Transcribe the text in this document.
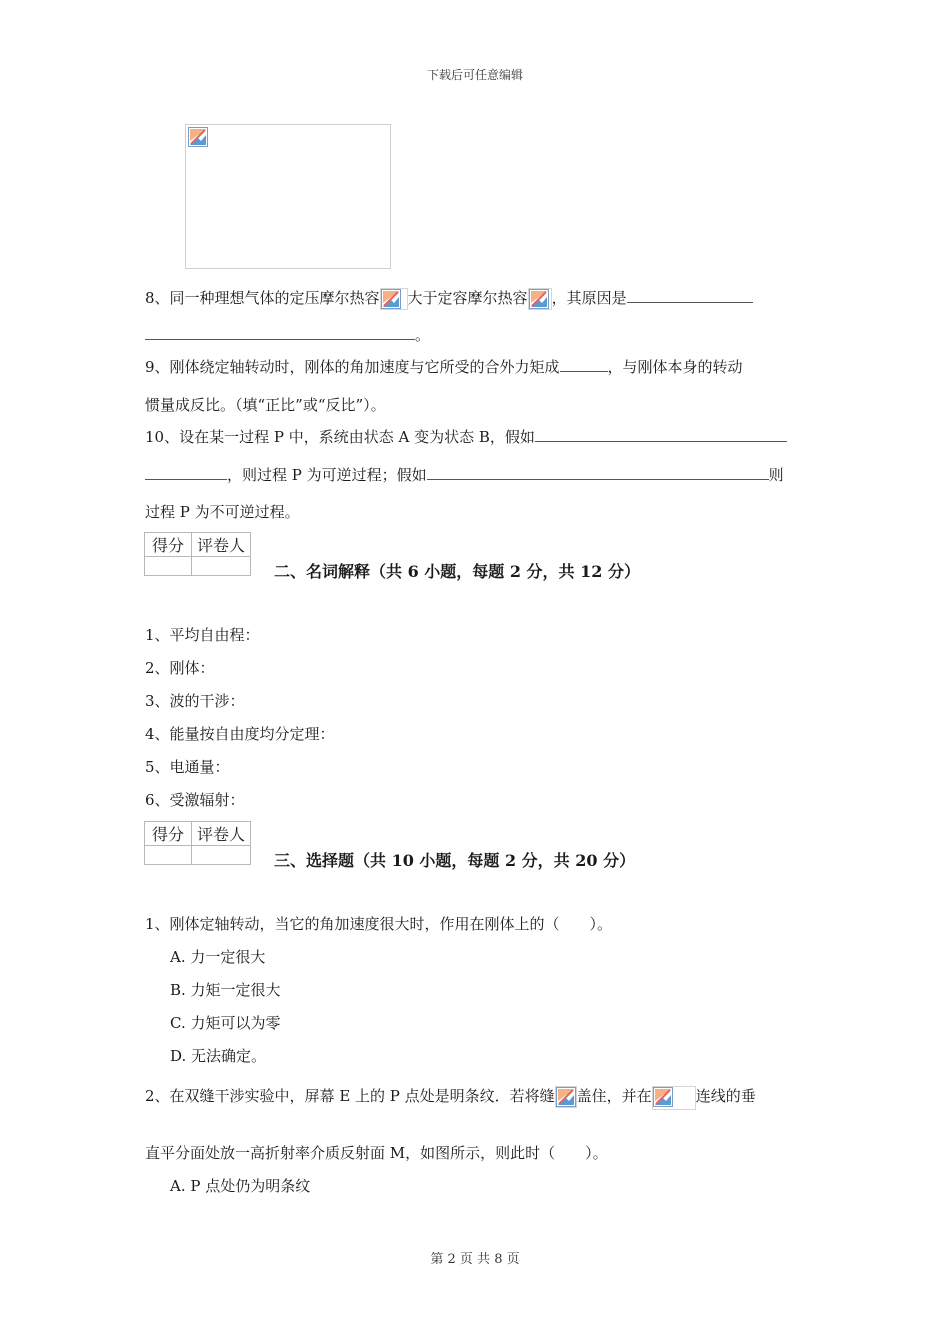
下载后可任意编辑
8、同一种理想气体的定压摩尔热容 大于定容摩尔热容 ，其原因是
。
9、刚体绕定轴转动时，刚体的角加速度与它所受的合外力矩成	，与刚体本身的转动
惯量成反比。（填“正比”或“反比”）。
10、设在某一过程 P 中，系统由状态 A 变为状态 B，假如
，则过程 P 为可逆过程；假如	则
过程 P 为不可逆过程。
得分	评卷人

二、名词解释（共 6 小题，每题 2 分，共 12 分）
1、平均自由程：
2、刚体：
3、波的干涉：
4、能量按自由度均分定理：
5、电通量：
6、受激辐射：
得分	评卷人

三、选择题（共 10 小题，每题 2 分，共 20 分）
1、刚体定轴转动，当它的角加速度很大时，作用在刚体上的（　　）。
A. 力一定很大
B. 力矩一定很大
C. 力矩可以为零
D. 无法确定。
2、在双缝干涉实验中，屏幕 E 上的 P 点处是明条纹．若将缝 盖住，并在	连线的垂
直平分面处放一高折射率介质反射面 M，如图所示，则此时（　　）。
A. P 点处仍为明条纹
第 2 页 共 8 页
